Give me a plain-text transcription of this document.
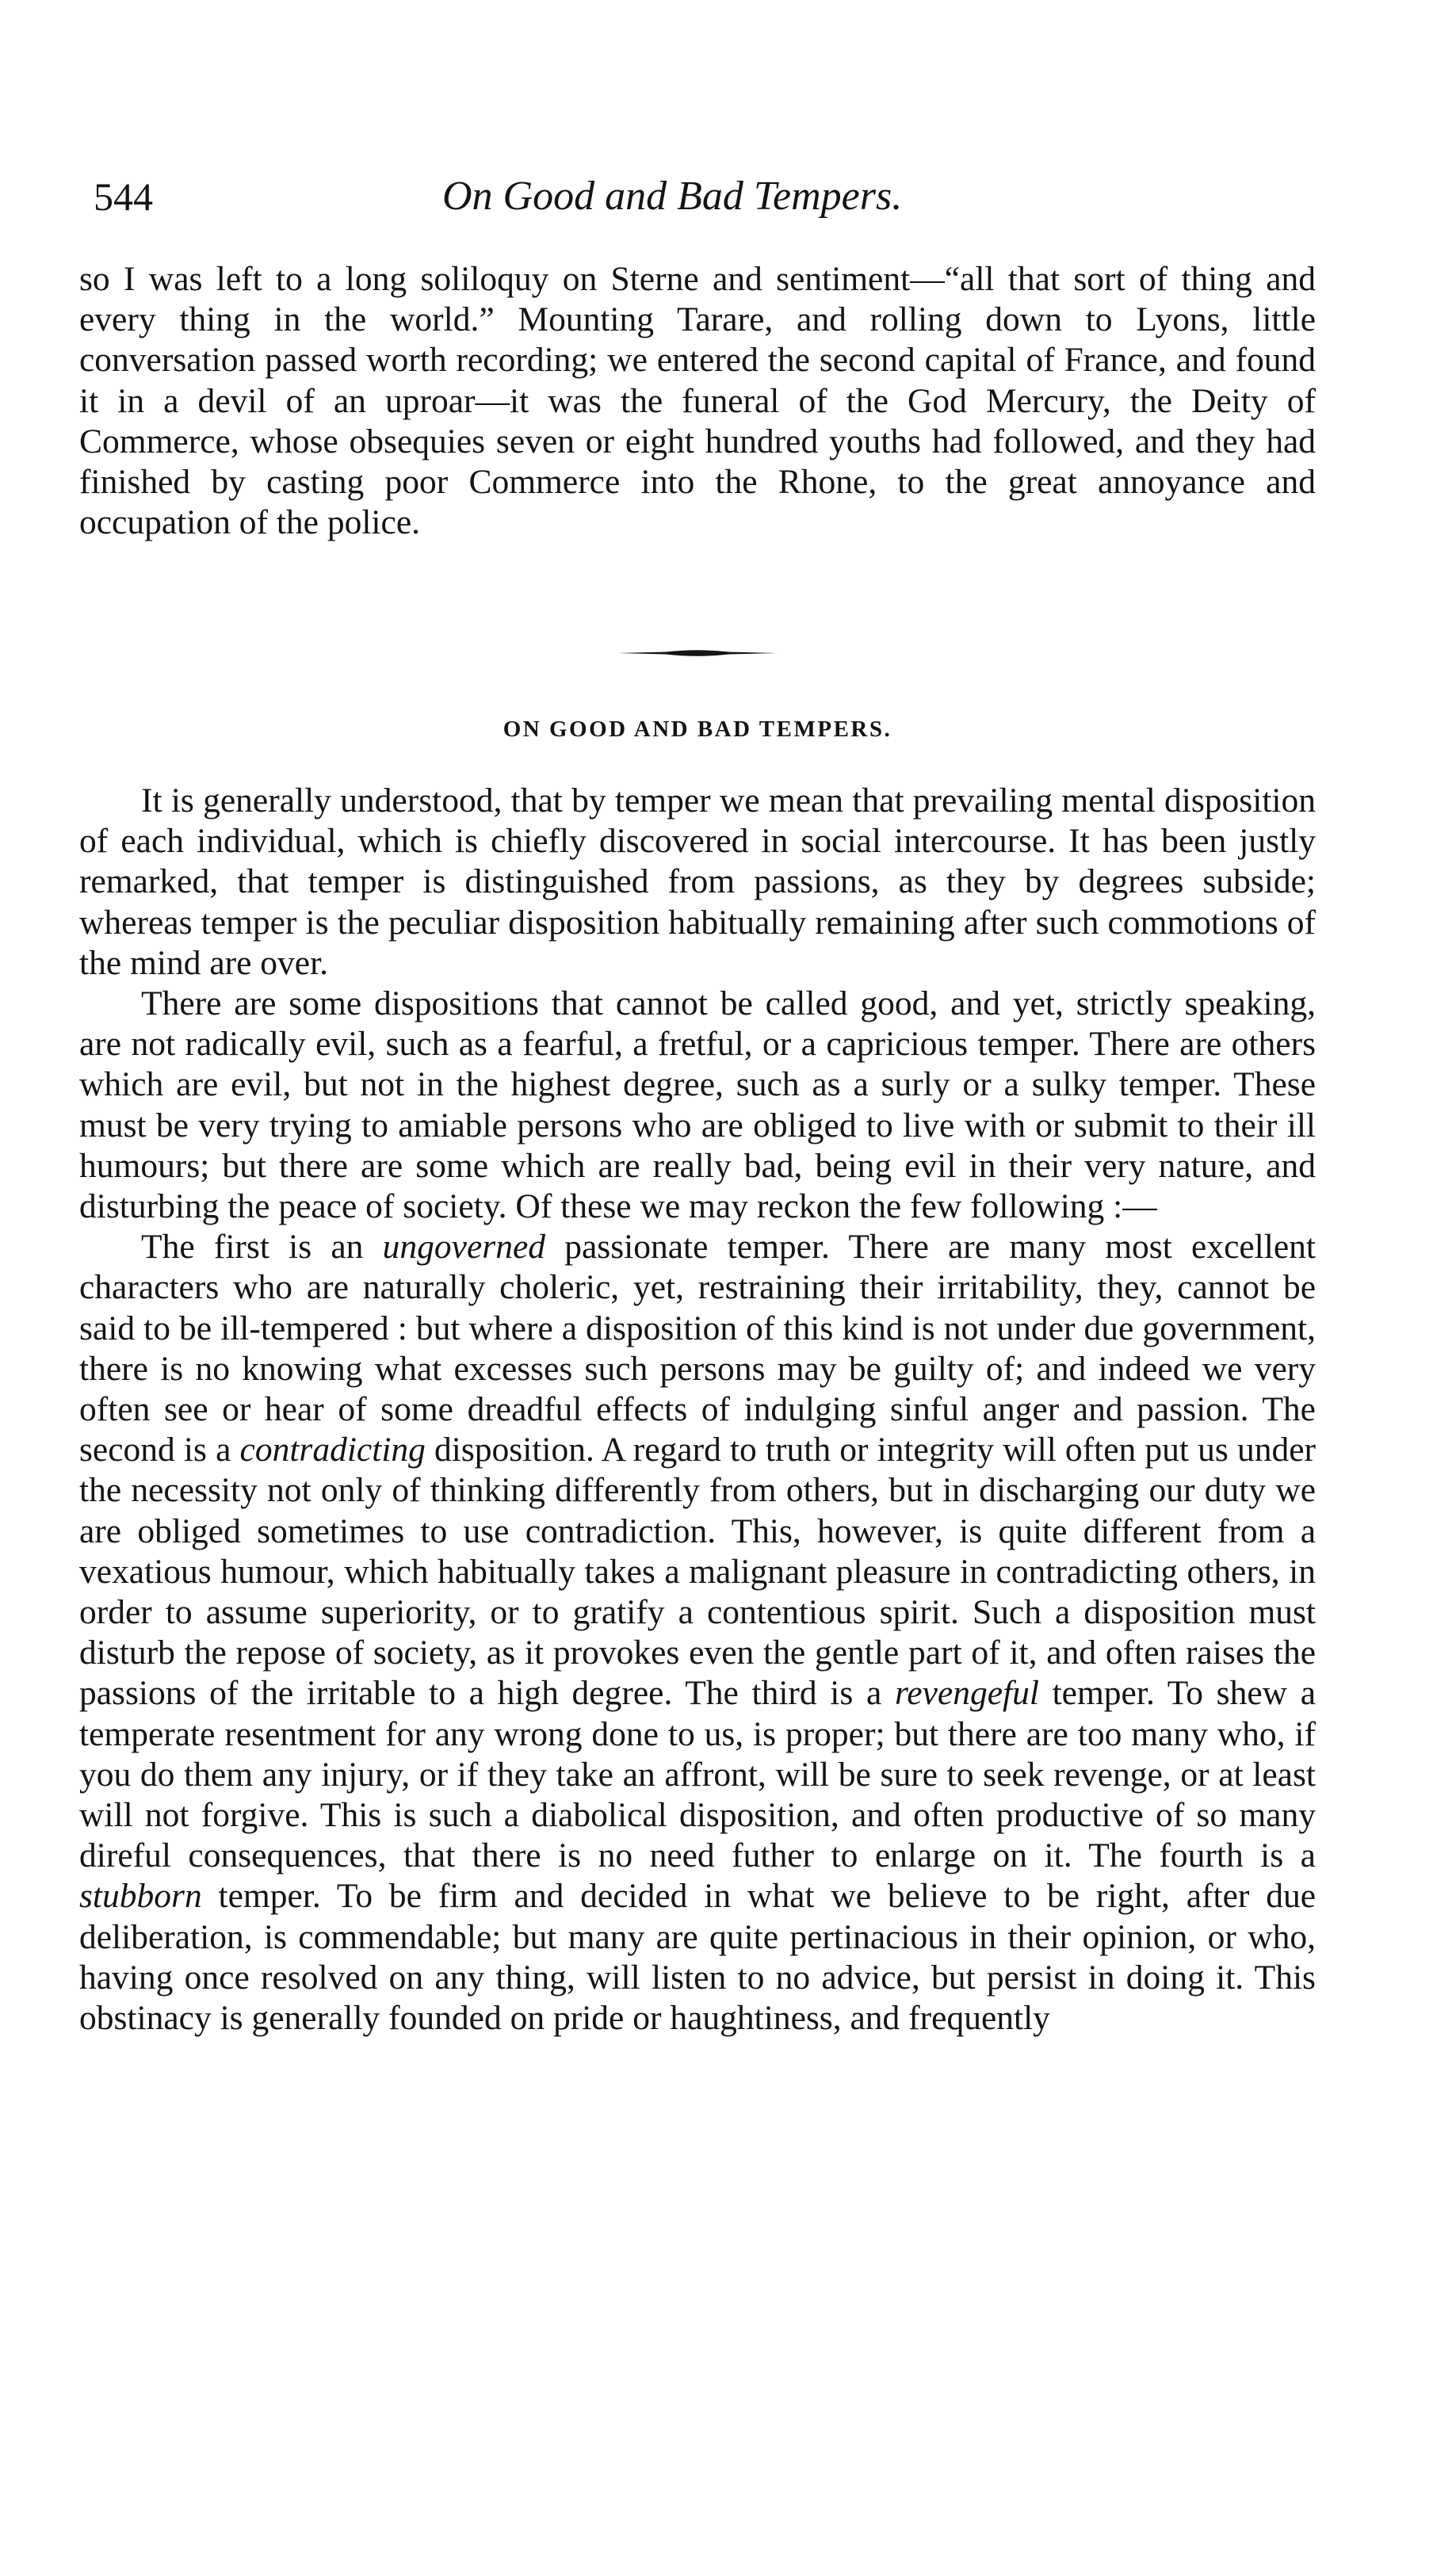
544	On Good and Bad Tempers.

so I was left to a long soliloquy on Sterne and sentiment—“all that sort of thing and every thing in the world.” Mounting Tarare, and rolling down to Lyons, little conversation passed worth recording; we entered the second capital of France, and found it in a devil of an uproar—it was the funeral of the God Mercury, the Deity of Commerce, whose obsequies seven or eight hundred youths had followed, and they had finished by casting poor Commerce into the Rhone, to the great annoyance and occupation of the police.

ON GOOD AND BAD TEMPERS.

It is generally understood, that by temper we mean that prevailing mental disposition of each individual, which is chiefly discovered in social intercourse. It has been justly remarked, that temper is distinguished from passions, as they by degrees subside; whereas temper is the peculiar disposition habitually remaining after such commotions of the mind are over.

There are some dispositions that cannot be called good, and yet, strictly speaking, are not radically evil, such as a fearful, a fretful, or a capricious temper. There are others which are evil, but not in the highest degree, such as a surly or a sulky temper. These must be very trying to amiable persons who are obliged to live with or submit to their ill humours; but there are some which are really bad, being evil in their very nature, and disturbing the peace of society. Of these we may reckon the few following :—

The first is an ungoverned passionate temper. There are many most excellent characters who are naturally choleric, yet, restraining their irritability, they, cannot be said to be ill-tempered : but where a disposition of this kind is not under due government, there is no knowing what excesses such persons may be guilty of; and indeed we very often see or hear of some dreadful effects of indulging sinful anger and passion. The second is a contradicting disposition. A regard to truth or integrity will often put us under the necessity not only of thinking differently from others, but in discharging our duty we are obliged sometimes to use contradiction. This, however, is quite different from a vexatious humour, which habitually takes a malignant pleasure in contradicting others, in order to assume superiority, or to gratify a contentious spirit. Such a disposition must disturb the repose of society, as it provokes even the gentle part of it, and often raises the passions of the irritable to a high degree. The third is a revengeful temper. To shew a temperate resentment for any wrong done to us, is proper; but there are too many who, if you do them any injury, or if they take an affront, will be sure to seek revenge, or at least will not forgive. This is such a diabolical disposition, and often productive of so many direful consequences, that there is no need futher to enlarge on it. The fourth is a stubborn temper. To be firm and decided in what we believe to be right, after due deliberation, is commendable; but many are quite pertinacious in their opinion, or who, having once resolved on any thing, will listen to no advice, but persist in doing it. This obstinacy is generally founded on pride or haughtiness, and frequently
